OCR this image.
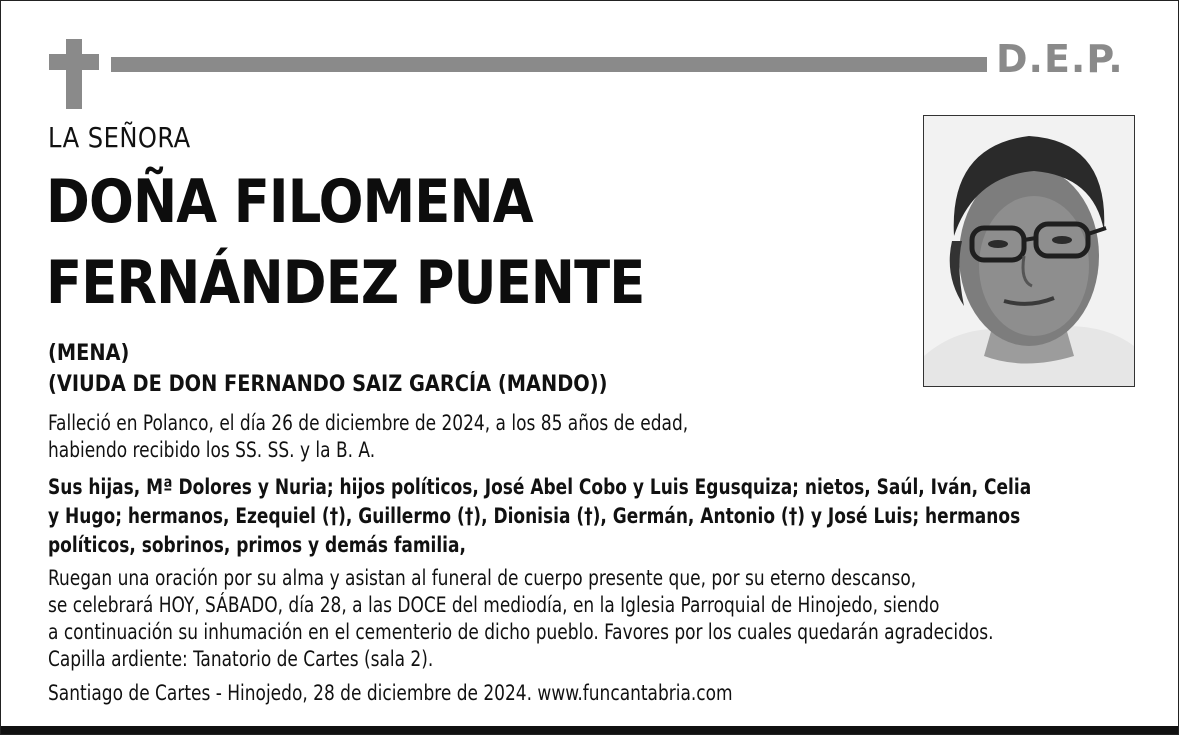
D.E.P.
LA SEÑORA
DOÑA FILOMENA
FERNÁNDEZ PUENTE
(MENA)
(VIUDA DE DON FERNANDO SAIZ GARCÍA (MANDO))
Falleció en Polanco, el día 26 de diciembre de 2024, a los 85 años de edad,
habiendo recibido los SS. SS. y la B. A.
Sus hijas, Mª Dolores y Nuria; hijos políticos, José Abel Cobo y Luis Egusquiza; nietos, Saúl, Iván, Celia
y Hugo; hermanos, Ezequiel (†), Guillermo (†), Dionisia (†), Germán, Antonio (†) y José Luis; hermanos
políticos, sobrinos, primos y demás familia,
Ruegan una oración por su alma y asistan al funeral de cuerpo presente que, por su eterno descanso,
se celebrará HOY, SÁBADO, día 28, a las DOCE del mediodía, en la Iglesia Parroquial de Hinojedo, siendo
a continuación su inhumación en el cementerio de dicho pueblo. Favores por los cuales quedarán agradecidos.
Capilla ardiente: Tanatorio de Cartes (sala 2).
Santiago de Cartes - Hinojedo, 28 de diciembre de 2024. www.funcantabria.com
